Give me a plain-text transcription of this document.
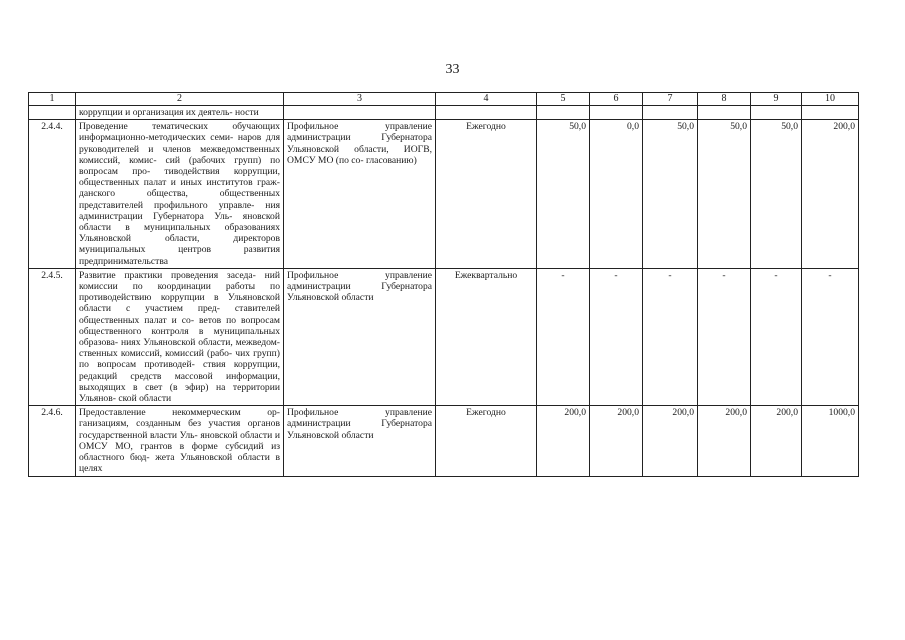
33
1	2	3	4	5	6	7	8	9	10
	коррупции и организация их деятель- ности								
2.4.4.	Проведение тематических обучающих информационно-методических семи- наров для руководителей и членов межведомственных комиссий, комис- сий (рабочих групп) по вопросам про- тиводействия коррупции, общественных палат и иных институтов граж- данского общества, общественных представителей профильного управле- ния администрации Губернатора Уль- яновской области в муниципальных образованиях Ульяновской области, директоров муниципальных центров развития предпринимательства	Профильное управление администрации Губернатора Ульяновской области, ИОГВ, ОМСУ МО (по со- гласованию)	Ежегодно	50,0	0,0	50,0	50,0	50,0	200,0
2.4.5.	Развитие практики проведения заседа- ний комиссии по координации работы по противодействию коррупции в Ульяновской области с участием пред- ставителей общественных палат и со- ветов по вопросам общественного контроля в муниципальных образова- ниях Ульяновской области, межведом- ственных комиссий, комиссий (рабо- чих групп) по вопросам противодей- ствия коррупции, редакций средств массовой информации, выходящих в свет (в эфир) на территории Ульянов- ской области	Профильное управление администрации Губернатора Ульяновской области	Ежеквартально	-	-	-	-	-	-
2.4.6.	Предоставление некоммерческим ор- ганизациям, созданным без участия органов государственной власти Уль- яновской области и ОМСУ МО, грантов в форме субсидий из областного бюд- жета Ульяновской области в целях	Профильное управление администрации Губернатора Ульяновской области	Ежегодно	200,0	200,0	200,0	200,0	200,0	1000,0
